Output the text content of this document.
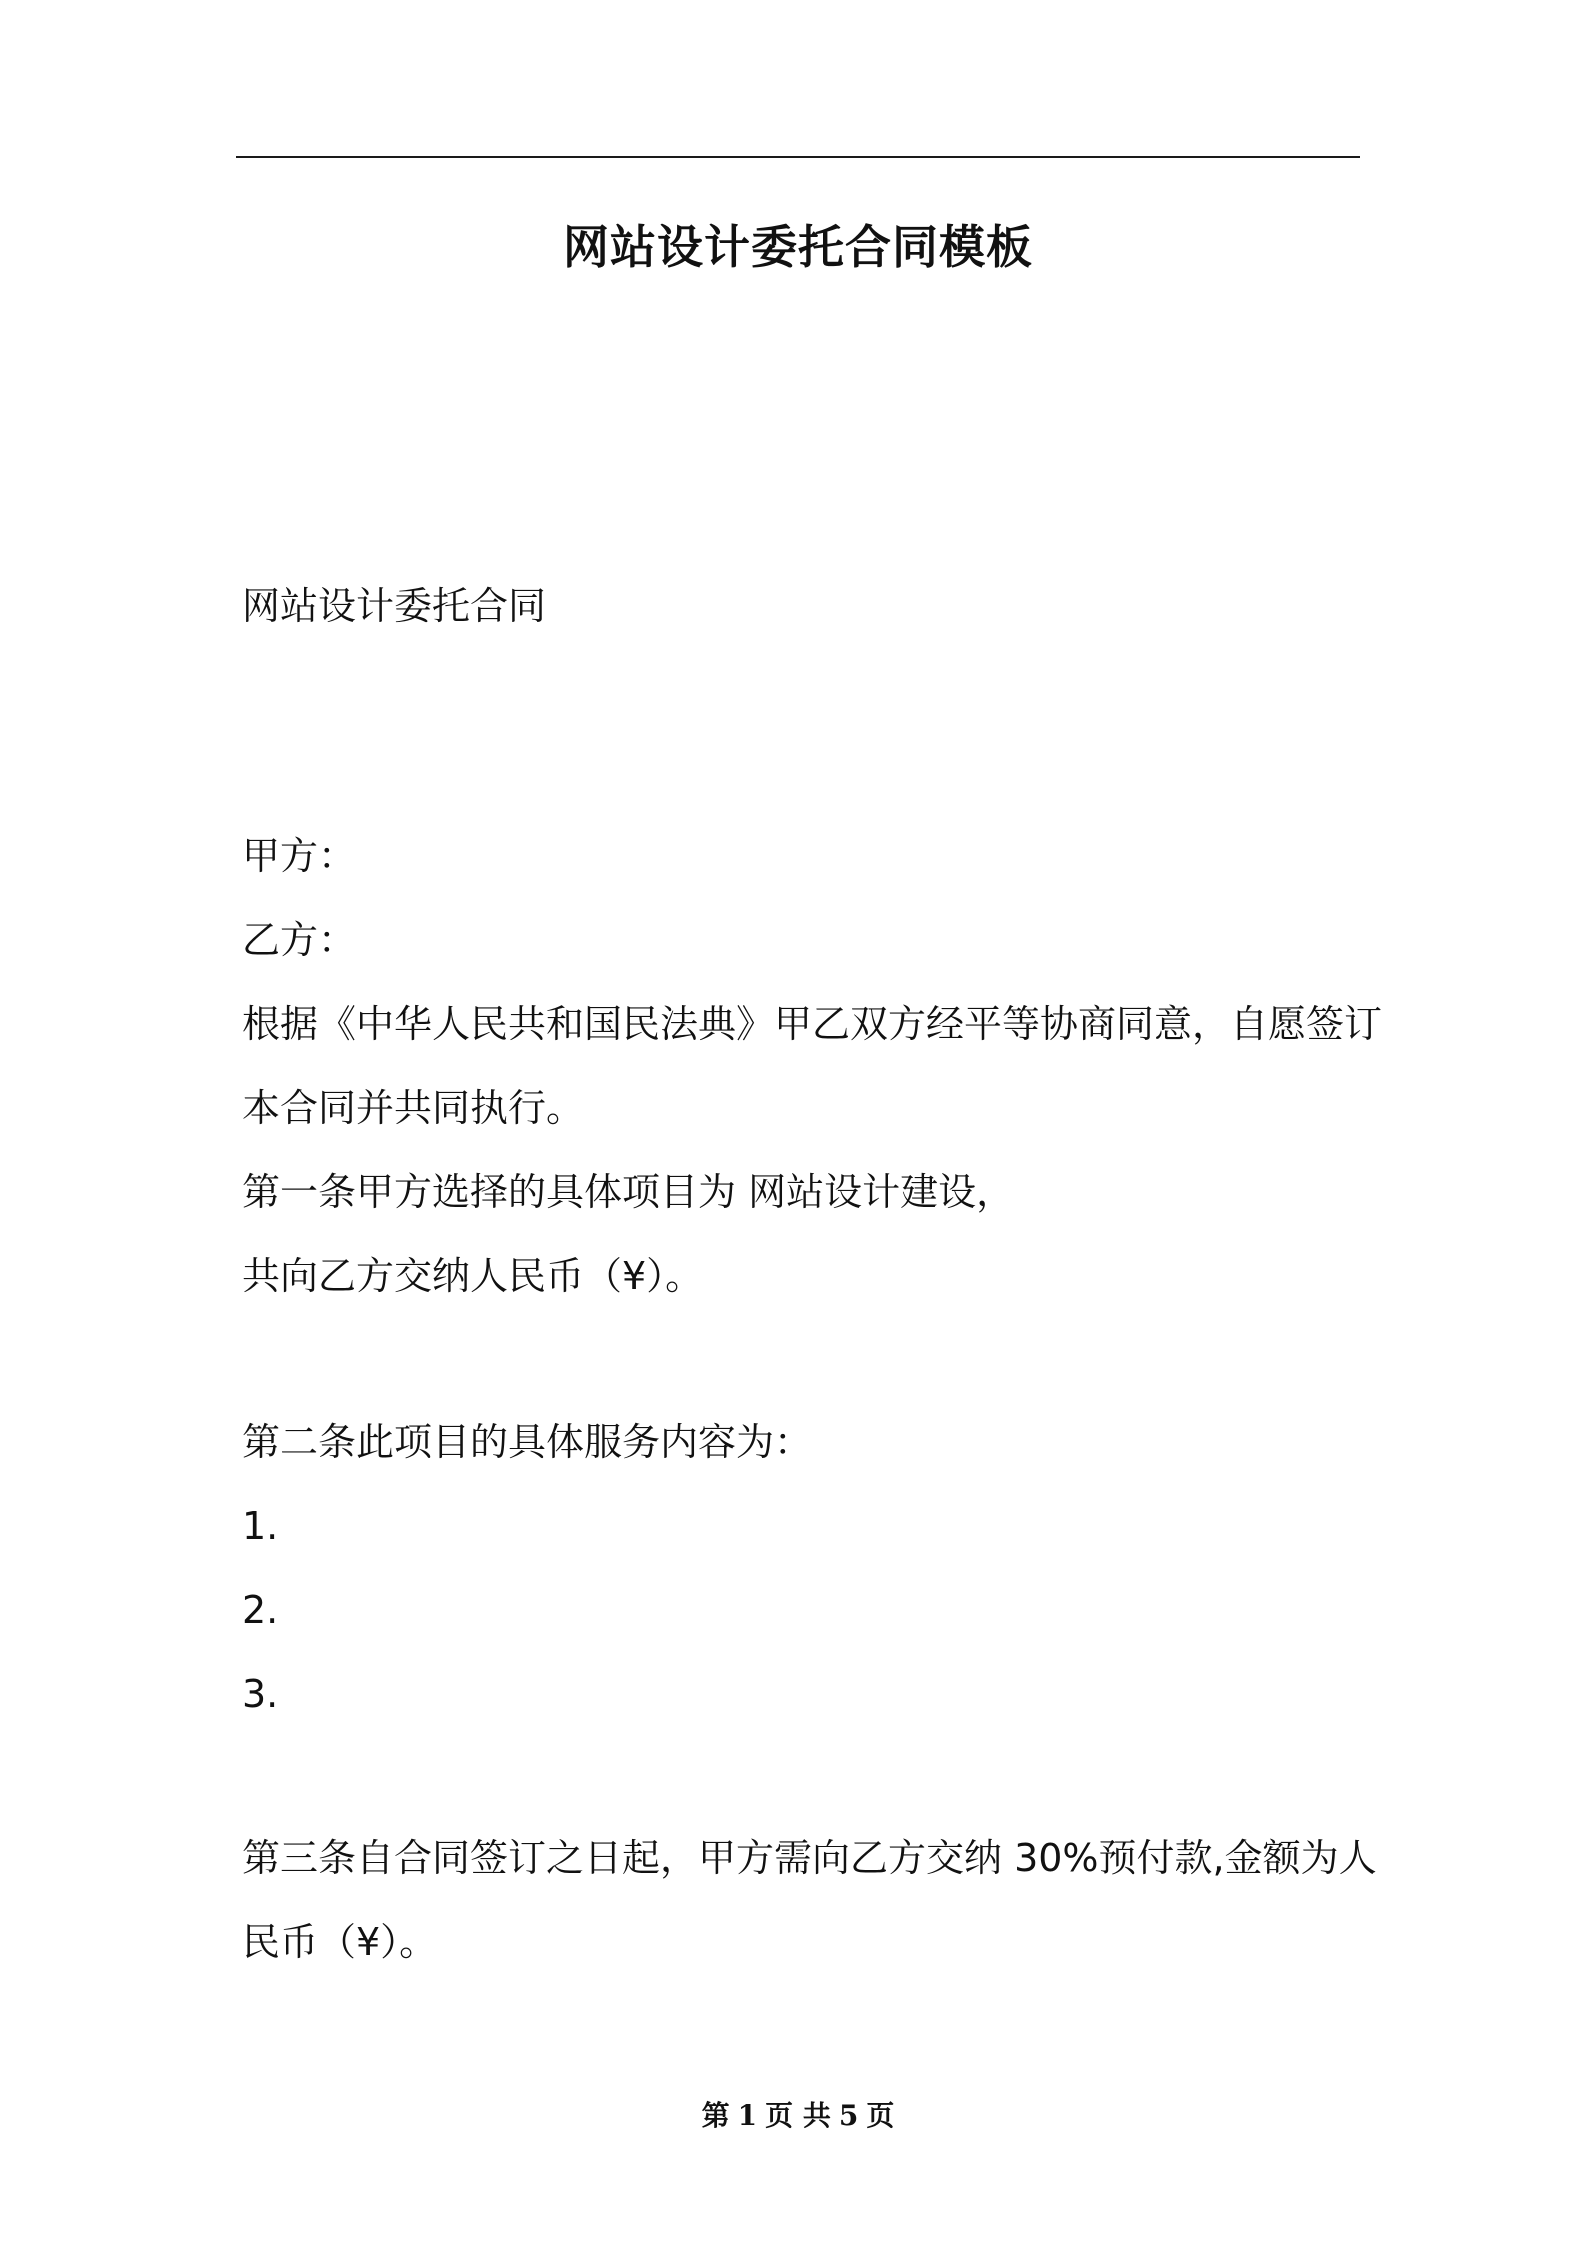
网站设计委托合同模板

网站设计委托合同

甲方：

乙方：

根据《中华人民共和国民法典》甲乙双方经平等协商同意，自愿签订

本合同并共同执行。

第一条甲方选择的具体项目为 网站设计建设，

共向乙方交纳人民币（¥）。

第二条此项目的具体服务内容为：

1.

2.

3.

第三条自合同签订之日起，甲方需向乙方交纳 30%预付款,金额为人

民币（¥）。

第 1 页 共 5 页
